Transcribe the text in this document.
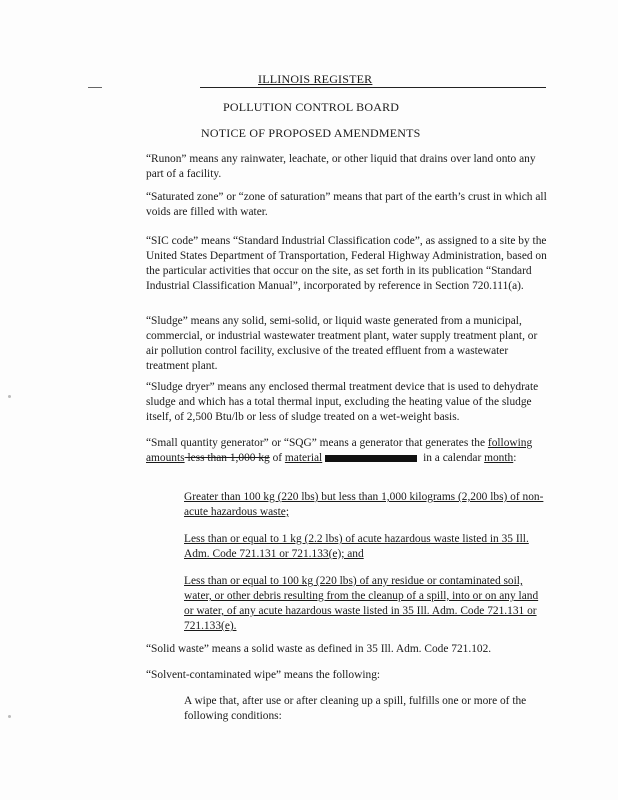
ILLINOIS REGISTER
POLLUTION CONTROL BOARD
NOTICE OF PROPOSED AMENDMENTS

“Runon” means any rainwater, leachate, or other liquid that drains over land onto any part of a facility.

“Saturated zone” or “zone of saturation” means that part of the earth’s crust in which all voids are filled with water.

“SIC code” means “Standard Industrial Classification code”, as assigned to a site by the United States Department of Transportation, Federal Highway Administration, based on the particular activities that occur on the site, as set forth in its publication “Standard Industrial Classification Manual”, incorporated by reference in Section 720.111(a).

“Sludge” means any solid, semi-solid, or liquid waste generated from a municipal, commercial, or industrial wastewater treatment plant, water supply treatment plant, or air pollution control facility, exclusive of the treated effluent from a wastewater treatment plant.

“Sludge dryer” means any enclosed thermal treatment device that is used to dehydrate sludge and which has a total thermal input, excluding the heating value of the sludge itself, of 2,500 Btu/lb or less of sludge treated on a wet-weight basis.

“Small quantity generator” or “SQG” means a generator that generates the following amounts less than 1,000 kg of material	in a calendar month:

Greater than 100 kg (220 lbs) but less than 1,000 kilograms (2,200 lbs) of non-acute hazardous waste;

Less than or equal to 1 kg (2.2 lbs) of acute hazardous waste listed in 35 Ill. Adm. Code 721.131 or 721.133(e); and

Less than or equal to 100 kg (220 lbs) of any residue or contaminated soil, water, or other debris resulting from the cleanup of a spill, into or on any land or water, of any acute hazardous waste listed in 35 Ill. Adm. Code 721.131 or 721.133(e).

“Solid waste” means a solid waste as defined in 35 Ill. Adm. Code 721.102.

“Solvent-contaminated wipe” means the following:

A wipe that, after use or after cleaning up a spill, fulfills one or more of the following conditions:
